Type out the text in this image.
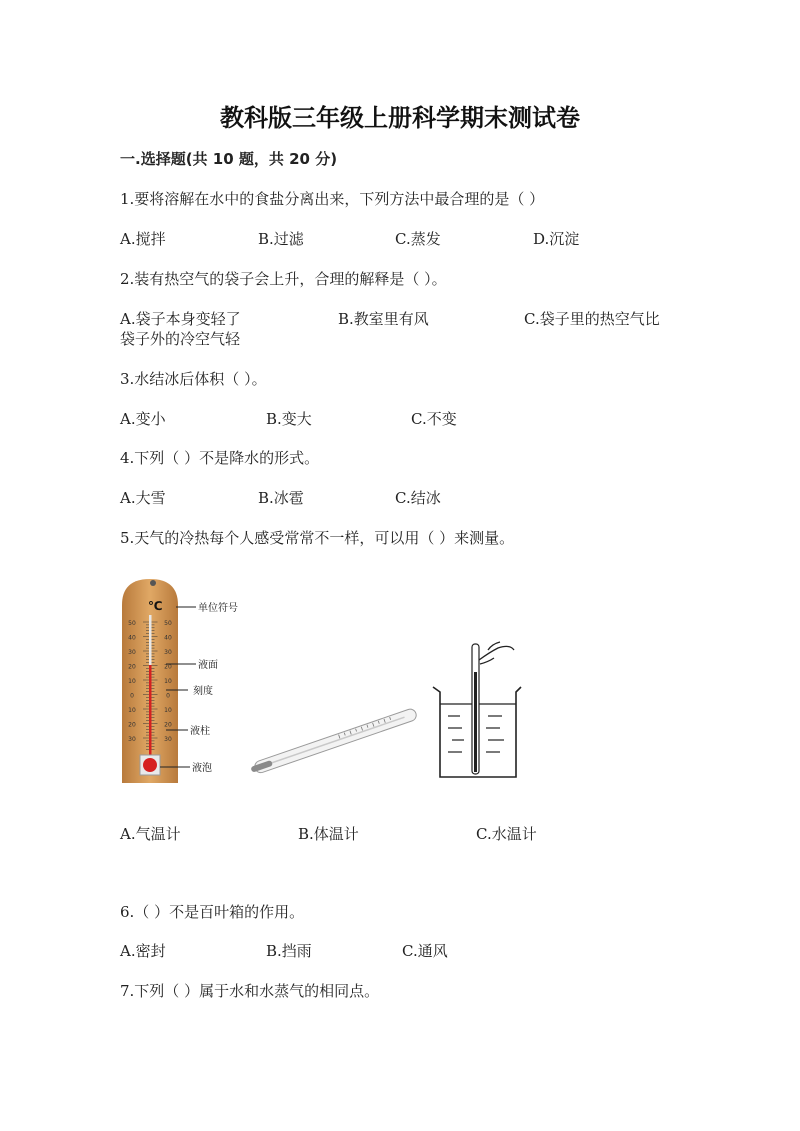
教科版三年级上册科学期末测试卷
一.选择题(共 10 题，共 20 分)
1.要将溶解在水中的食盐分离出来，下列方法中最合理的是（ ）
A.搅拌	B.过滤	C.蒸发	D.沉淀
2.装有热空气的袋子会上升，合理的解释是（ ）。
A.袋子本身变轻了	B.教室里有风	C.袋子里的热空气比
袋子外的冷空气轻
3.水结冰后体积（ ）。
A.变小	B.变大	C.不变
4.下列（ ）不是降水的形式。
A.大雪	B.冰雹	C.结冰
5.天气的冷热每个人感受常常不一样，可以用（ ）来测量。
℃
50	50
40	40
30	30
20	20
10	10
0	0
10	10
20	20
30	30
单位符号
液面
刻度
液柱
液泡
A.气温计	B.体温计	C.水温计
6.（ ）不是百叶箱的作用。
A.密封	B.挡雨	C.通风
7.下列（ ）属于水和水蒸气的相同点。
